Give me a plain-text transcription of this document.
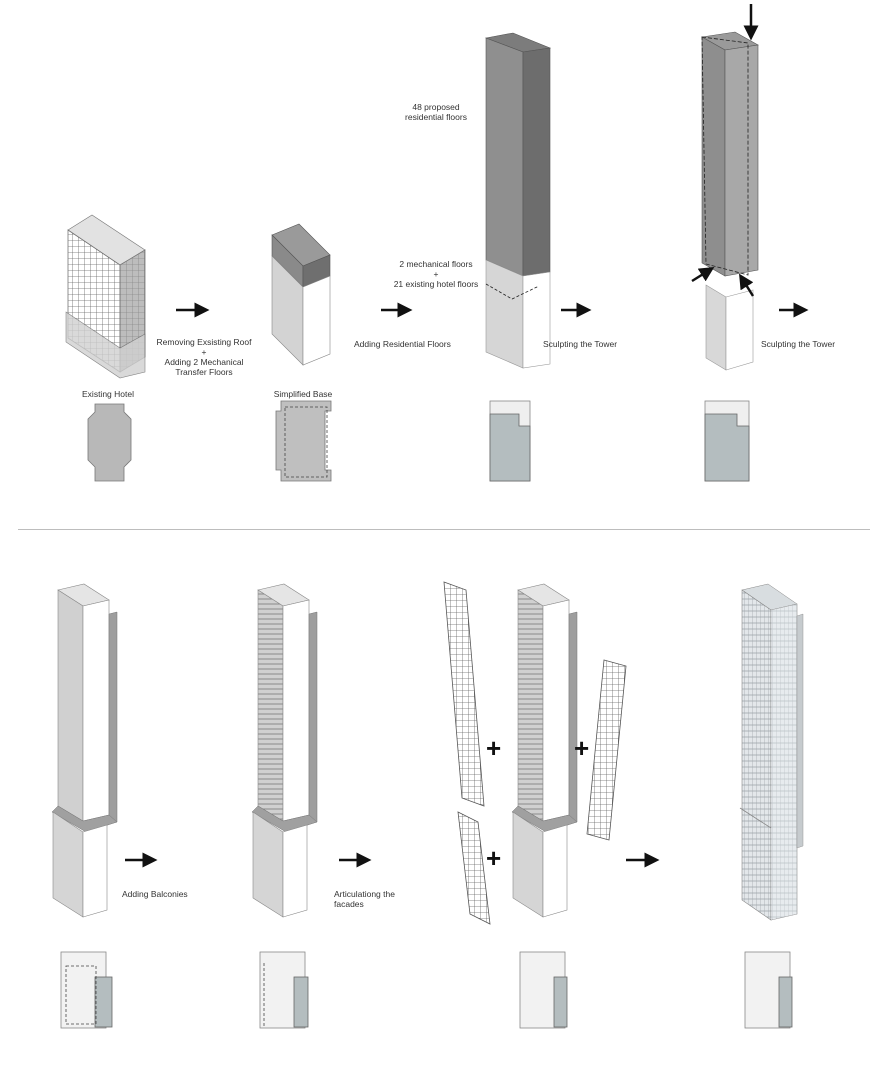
Existing Hotel
Removing Exsisting Roof
+
Adding 2 Mechanical
Transfer Floors
Simplified Base
Adding Residential Floors
48 proposed
residential floors
2 mechanical floors
+
21 existing hotel floors
Sculpting the Tower	Sculpting the Tower
Adding Balconies	Articulationg the
facades
+	+
+
